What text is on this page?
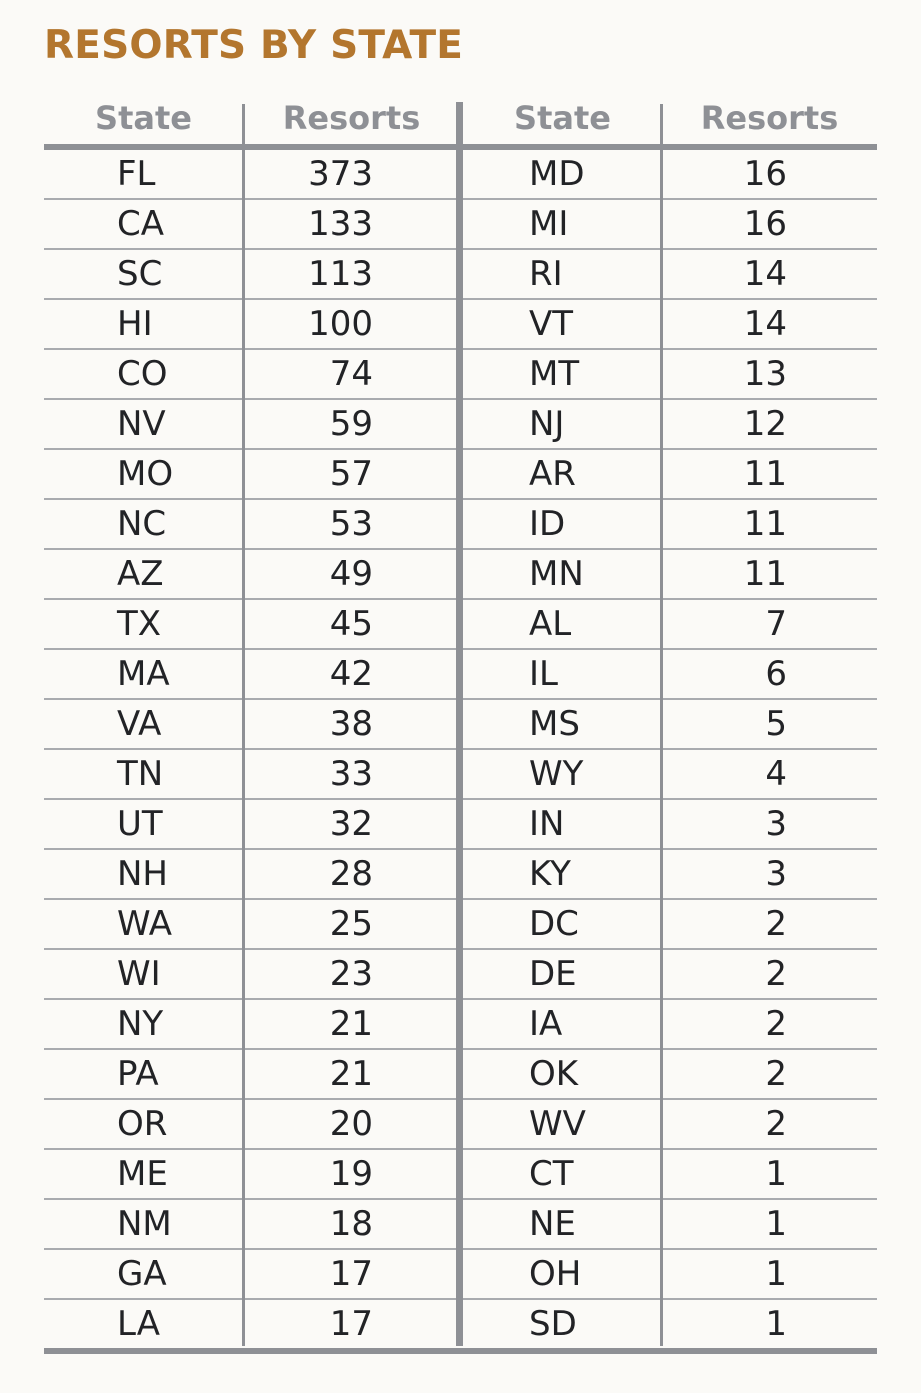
RESORTS BY STATE
State	Resorts	State	Resorts
FL	373	MD	16
CA	133	MI	16
SC	113	RI	14
HI	100	VT	14
CO	74	MT	13
NV	59	NJ	12
MO	57	AR	11
NC	53	ID	11
AZ	49	MN	11
TX	45	AL	7
MA	42	IL	6
VA	38	MS	5
TN	33	WY	4
UT	32	IN	3
NH	28	KY	3
WA	25	DC	2
WI	23	DE	2
NY	21	IA	2
PA	21	OK	2
OR	20	WV	2
ME	19	CT	1
NM	18	NE	1
GA	17	OH	1
LA	17	SD	1
